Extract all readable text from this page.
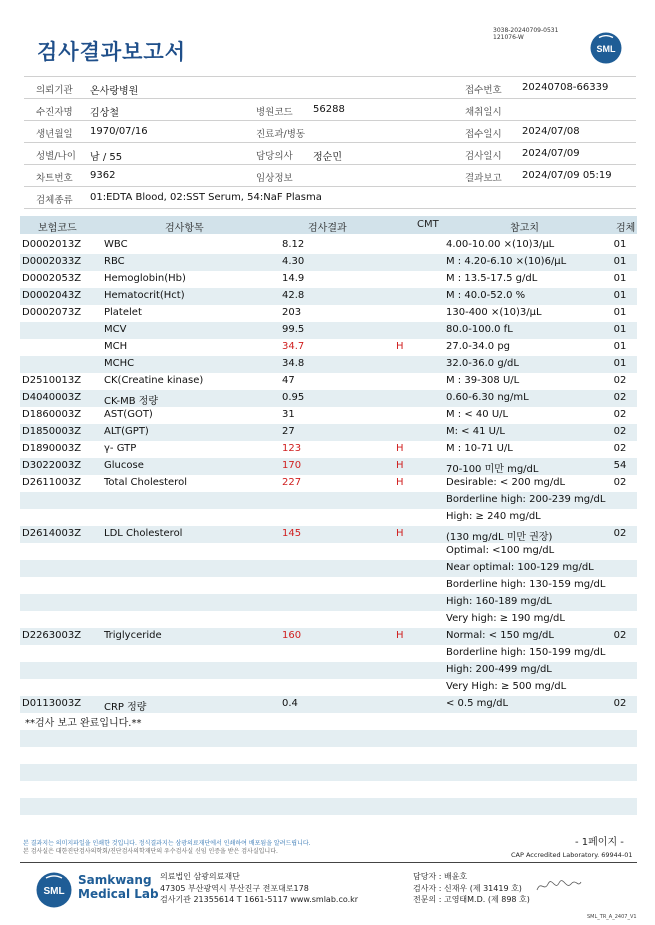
검사결과보고서
3038-20240709-0531
121076-W
SML
의뢰기관 온사랑병원	접수번호 20240708-66339
수진자명 김상철	병원코드 56288	채취일시
생년월일 1970/07/16	진료과/병동	접수일시 2024/07/08
성별/나이 남 / 55	담당의사 정순민	검사일시 2024/07/09
차트번호 9362	임상정보	결과보고 2024/07/09 05:19
검체종류 01:EDTA Blood, 02:SST Serum, 54:NaF Plasma
보험코드	검사항목	검사결과	CMT	참고치	검체
D0002013Z WBC	8.12	4.00-10.00 ×(10)3/μL	01
D0002033Z RBC	4.30	M : 4.20-6.10 ×(10)6/μL	01
D0002053Z Hemoglobin(Hb)	14.9	M : 13.5-17.5 g/dL	01
D0002043Z Hematocrit(Hct)	42.8	M : 40.0-52.0 %	01
D0002073Z Platelet	203	130-400 ×(10)3/μL	01
MCV	99.5	80.0-100.0 fL	01
MCH	34.7	H	27.0-34.0 pg	01
MCHC	34.8	32.0-36.0 g/dL	01
D2510013Z CK(Creatine kinase)	47	M : 39-308 U/L	02
D4040003Z CK-MB 정량	0.95	0.60-6.30 ng/mL	02
D1860003Z AST(GOT)	31	M : < 40 U/L	02
D1850003Z ALT(GPT)	27	M: < 41 U/L	02
D1890003Z γ- GTP	123	H	M : 10-71 U/L	02
D3022003Z Glucose	170	H	70-100 미만 mg/dL	54
D2611003Z Total Cholesterol	227	H	Desirable: < 200 mg/dL	02
Borderline high: 200-239 mg/dL
High: ≥ 240 mg/dL
D2614003Z LDL Cholesterol	145	H	(130 mg/dL 미만 권장)	02
Optimal: <100 mg/dL
Near optimal: 100-129 mg/dL
Borderline high: 130-159 mg/dL
High: 160-189 mg/dL
Very high: ≥ 190 mg/dL
D2263003Z Triglyceride	160	H	Normal: < 150 mg/dL	02
Borderline high: 150-199 mg/dL
High: 200-499 mg/dL
Very High: ≥ 500 mg/dL
D0113003Z CRP 정량	0.4	< 0.5 mg/dL	02
**검사 보고 완료입니다.**
본 결과지는 의미지파일을 인쇄한 것입니다. 정식결과지는 삼광의료재단에서 인쇄하여 배포됨을 알려드립니다.
본 검사실은 대한진단검사의학회/진단검사의학재단의 우수검사실 신임 인증을 받은 검사실입니다.
- 1페이지 -
CAP Accredited Laboratory. 69944-01
SML
Samkwang
Medical Lab
의료법인 삼광의료재단
47305 부산광역시 부산진구 전포대로178
검사기관 21355614 T 1661-5117 www.smlab.co.kr
담당자 : 배윤호
검사자 : 신재우 (제 31419 호)
전문의 : 고영태M.D. (제 898 호)
SML_TR_A_2407_V1
